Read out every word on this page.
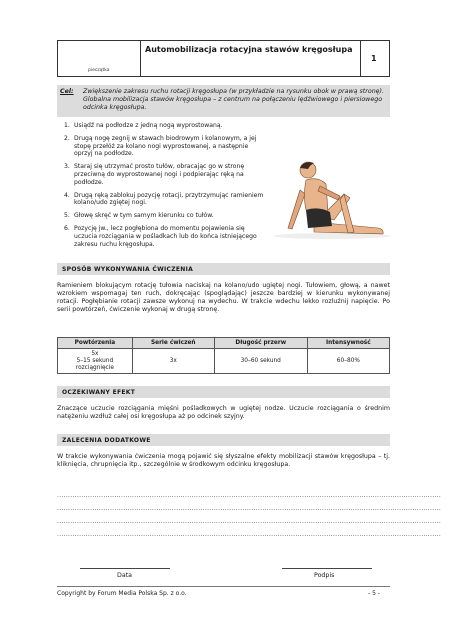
pieczątka
Automobilizacja rotacyjna stawów kręgosłupa
1
Cel: Zwiększenie zakresu ruchu rotacji kręgosłupa (w przykładzie na rysunku obok w prawą stronę). Globalna mobilizacja stawów kręgosłupa – z centrum na połączeniu lędźwiowego i piersiowego odcinka kręgosłupa.
1. Usiądź na podłodze z jedną nogą wyprostowaną.
2. Drugą nogę zegnij w stawach biodrowym i kolanowym, a jej stopę przełóż za kolano nogi wyprostowanej, a następnie oprzyj na podłodze.
3. Staraj się utrzymać prosto tułów, obracając go w stronę przeciwną do wyprostowanej nogi i podpierając ręką na podłodze.
4. Drugą ręką zablokuj pozycję rotacji, przytrzymując ramieniem kolano/udo zgiętej nogi.
5. Głowę skręć w tym samym kierunku co tułów.
6. Pozycję jw., lecz pogłębiona do momentu pojawienia się uczucia rozciągania w pośladkach lub do końca istniejącego zakresu ruchu kręgosłupa.
SPOSÓB WYKONYWANIA ĆWICZENIA
Ramieniem blokującym rotację tułowia naciskaj na kolano/udo ugiętej nogi. Tułowiem, głową, a nawet wzrokiem wspomagaj ten ruch, dokręcając (spoglądając) jeszcze bardziej w kierunku wykonywanej rotacji. Pogłębianie rotacji zawsze wykonuj na wydechu. W trakcie wdechu lekko rozluźnij napięcie. Po serii powtórzeń, ćwiczenie wykonaj w drugą stronę.
Powtórzenia	Serie ćwiczeń	Długość przerw	Intensywność

5x
5–15 sekund
rozciągnięcie	3x	30–60 sekund	60–80%
OCZEKIWANY EFEKT
Znaczące uczucie rozciągania mięśni pośladkowych w ugiętej nodze. Uczucie rozciągania o średnim natężeniu wzdłuż całej osi kręgosłupa aż po odcinek szyjny.
ZALECENIA DODATKOWE
W trakcie wykonywania ćwiczenia mogą pojawić się słyszalne efekty mobilizacji stawów kręgosłupa – tj. kliknięcia, chrupnięcia itp., szczególnie w środkowym odcinku kręgosłupa.
..............................................................................................................................................................................
..............................................................................................................................................................................
..............................................................................................................................................................................
..............................................................................................................................................................................
Data	Podpis
Copyright by Forum Media Polska Sp. z o.o.	- 5 -
